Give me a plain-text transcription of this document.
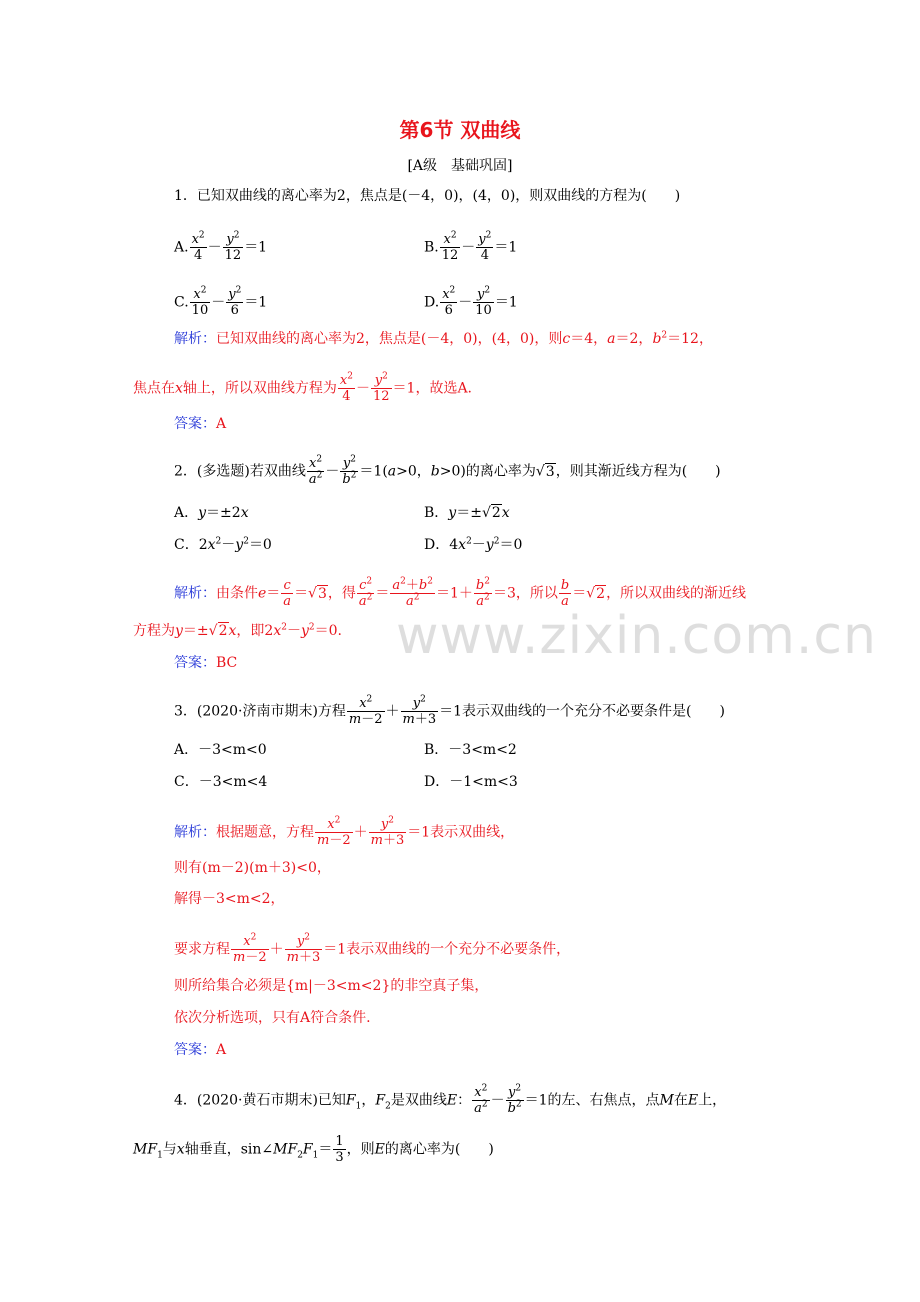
第6节 双曲线
[A级　基础巩固]
1．已知双曲线的离心率为2，焦点是(－4，0)，(4，0)，则双曲线的方程为(　　)
A. $\frac{x^2}{4} - \frac{y^2}{12} =1$	B. $\frac{x^2}{12} - \frac{y^2}{4} =1$
C. $\frac{x^2}{10} - \frac{y^2}{6} =1$	D. $\frac{x^2}{6} - \frac{y^2}{10} =1$
解析：已知双曲线的离心率为2，焦点是(－4，0)，(4，0)，则c＝4，a＝2，$b^2=12$，
焦点在x轴上，所以双曲线方程为 $\frac{x^2}{4} - \frac{y^2}{12} =1$，故选A.
答案：A
2．(多选题)若双曲线 $\frac{x^2}{a^2} - \frac{y^2}{b^2} =1(a>0$，b>0)的离心率为√3，则其渐近线方程为(　　)
A．y＝±2x	B．y＝±√2x
C．$2x^2-y^2=0$	D．$4x^2-y^2=0$
解析：由条件$e= \frac{c}{a} =√3$，得 $\frac{c^2}{a^2} = \frac{a^2+b^2}{a^2} =1+ \frac{b^2}{a^2} =3$，所以 $\frac{b}{a} =√2$，所以双曲线的渐近线
方程为y＝±√2x，即$2x^2-y^2=0$.
答案：BC
3．(2020·济南市期末)方程 $\frac{x^2}{m-2} + \frac{y^2}{m+3} =1$表示双曲线的一个充分不必要条件是(　　)
A．－3<m<0	B．－3<m<2
C．－3<m<4	D．－1<m<3
解析：根据题意，方程 $\frac{x^2}{m-2} + \frac{y^2}{m+3} =1$表示双曲线，
则有(m－2)(m＋3)<0，
解得－3<m<2，
要求方程 $\frac{x^2}{m-2} + \frac{y^2}{m+3} =1$表示双曲线的一个充分不必要条件，
则所给集合必须是{m|－3<m<2}的非空真子集，
依次分析选项，只有A符合条件.
答案：A
4．(2020·黄石市期末)已知$F_1$，$F_2$是双曲线E： $\frac{x^2}{a^2} - \frac{y^2}{b^2} =1$的左、右焦点，点M在E上，
$MF_1$与x轴垂直，$\sin\angle MF_2F_1= \frac{1}{3}$ ，则E的离心率为(　　)
www.zixin.com.cn
